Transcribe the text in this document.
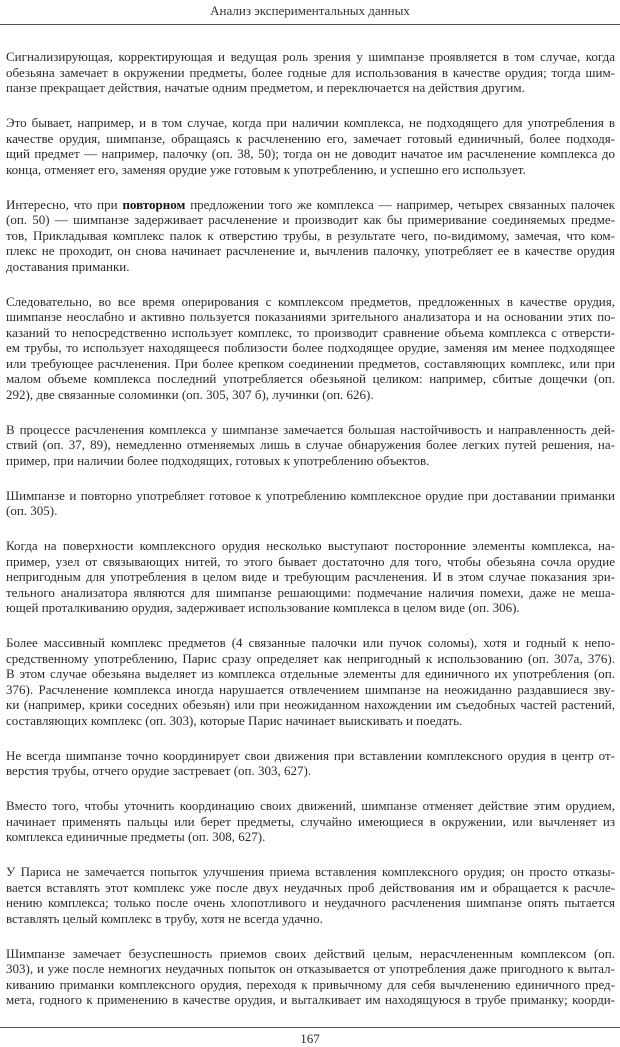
Анализ экспериментальных данных
Сигнализирующая, корректирующая и ведущая роль зрения у шимпанзе проявляется в том случае, когда
обезьяна замечает в окружении предметы, более годные для использования в качестве орудия; тогда шим-
панзе прекращает действия, начатые одним предметом, и переключается на действия другим.
Это бывает, например, и в том случае, когда при наличии комплекса, не подходящего для употребления в
качестве орудия, шимпанзе, обращаясь к расчленению его, замечает готовый единичный, более подходя-
щий предмет — например, палочку (оп. 38, 50); тогда он не доводит начатое им расчленение комплекса до
конца, отменяет его, заменяя орудие уже готовым к употреблению, и успешно его использует.
Интересно, что при повторном предложении того же комплекса — например, четырех связанных палочек
(оп. 50) — шимпанзе задерживает расчленение и производит как бы примеривание соединяемых предме-
тов, Прикладывая комплекс палок к отверстию трубы, в результате чего, по-видимому, замечая, что ком-
плекс не проходит, он снова начинает расчленение и, вычленив палочку, употребляет ее в качестве орудия
доставания приманки.
Следовательно, во все время оперирования с комплексом предметов, предложенных в качестве орудия,
шимпанзе неослабно и активно пользуется показаниями зрительного анализатора и на основании этих по-
казаний то непосредственно использует комплекс, то производит сравнение объема комплекса с отверсти-
ем трубы, то использует находящееся поблизости более подходящее орудие, заменяя им менее подходящее
или требующее расчленения. При более крепком соединении предметов, составляющих комплекс, или при
малом объеме комплекса последний употребляется обезьяной целиком: например, сбитые дощечки (оп.
292), две связанные соломинки (оп. 305, 307 б), лучинки (оп. 626).
В процессе расчленения комплекса у шимпанзе замечается большая настойчивость и направленность дей-
ствий (оп. 37, 89), немедленно отменяемых лишь в случае обнаружения более легких путей решения, на-
пример, при наличии более подходящих, готовых к употреблению объектов.
Шимпанзе и повторно употребляет готовое к употреблению комплексное орудие при доставании приманки
(оп. 305).
Когда на поверхности комплексного орудия несколько выступают посторонние элементы комплекса, на-
пример, узел от связывающих нитей, то этого бывает достаточно для того, чтобы обезьяна сочла орудие
непригодным для употребления в целом виде и требующим расчленения. И в этом случае показания зри-
тельного анализатора являются для шимпанзе решающими: подмечание наличия помехи, даже не меша-
ющей проталкиванию орудия, задерживает использование комплекса в целом виде (оп. 306).
Более массивный комплекс предметов (4 связанные палочки или пучок соломы), хотя и годный к непо-
средственному употреблению, Парис сразу определяет как непригодный к использованию (оп. 307а, 376).
В этом случае обезьяна выделяет из комплекса отдельные элементы для единичного их употребления (оп.
376). Расчленение комплекса иногда нарушается отвлечением шимпанзе на неожиданно раздавшиеся зву-
ки (например, крики соседних обезьян) или при неожиданном нахождении им съедобных частей растений,
составляющих комплекс (оп. 303), которые Парис начинает выискивать и поедать.
Не всегда шимпанзе точно координирует свои движения при вставлении комплексного орудия в центр от-
верстия трубы, отчего орудие застревает (оп. 303, 627).
Вместо того, чтобы уточнить координацию своих движений, шимпанзе отменяет действие этим орудием,
начинает применять пальцы или берет предметы, случайно имеющиеся в окружении, или вычленяет из
комплекса единичные предметы (оп. 308, 627).
У Париса не замечается попыток улучшения приема вставления комплексного орудия; он просто отказы-
вается вставлять этот комплекс уже после двух неудачных проб действования им и обращается к расчле-
нению комплекса; только после очень хлопотливого и неудачного расчленения шимпанзе опять пытается
вставлять целый комплекс в трубу, хотя не всегда удачно.
Шимпанзе замечает безуспешность приемов своих действий целым, нерасчлененным комплексом (оп.
303), и уже после немногих неудачных попыток он отказывается от употребления даже пригодного к вытал-
киванию приманки комплексного орудия, переходя к привычному для себя вычленению единичного пред-
мета, годного к применению в качестве орудия, и выталкивает им находящуюся в трубе приманку; коорди-
167
